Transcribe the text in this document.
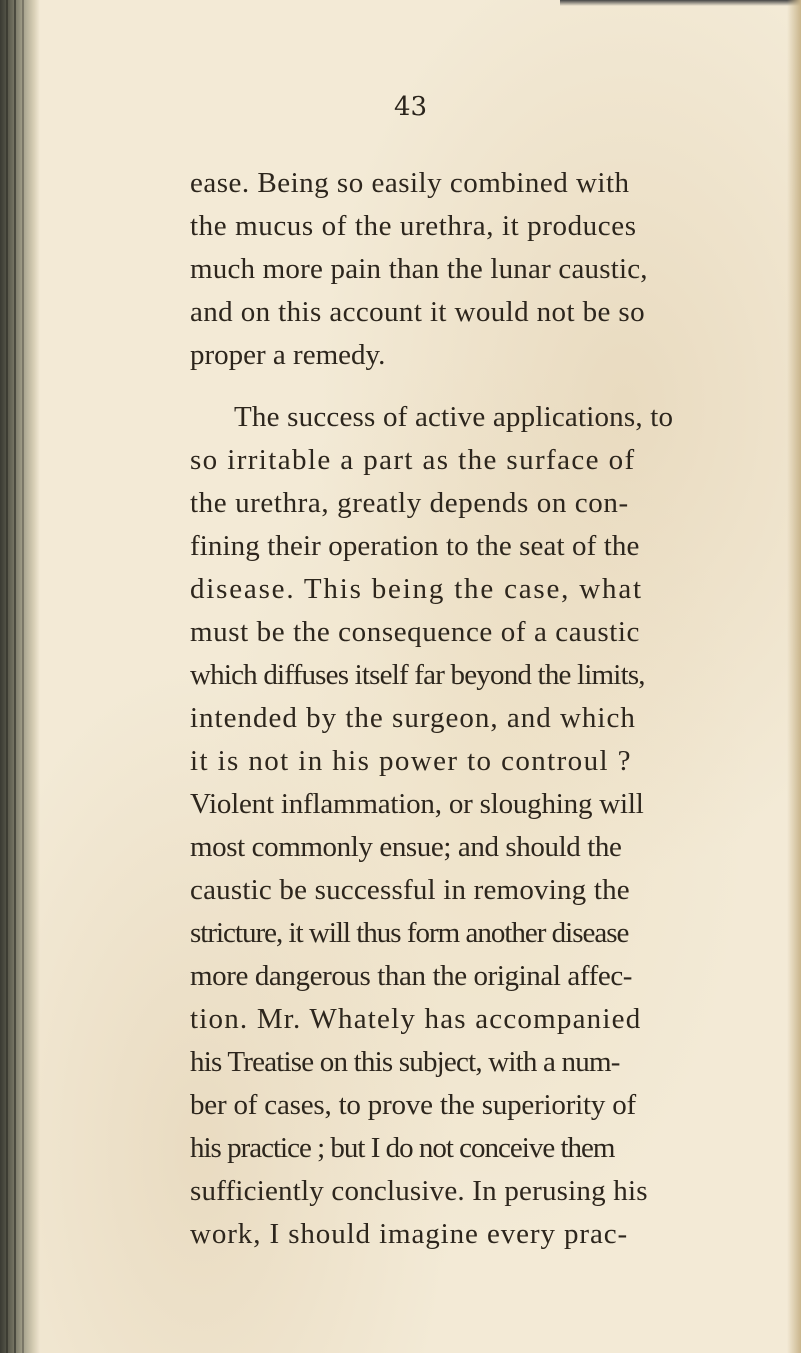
43

ease. Being so easily combined with
the mucus of the urethra, it produces
much more pain than the lunar caustic,
and on this account it would not be so
proper a remedy.
The success of active applications, to
so irritable a part as the surface of
the urethra, greatly depends on con-
fining their operation to the seat of the
disease. This being the case, what
must be the consequence of a caustic
which diffuses itself far beyond the limits,
intended by the surgeon, and which
it is not in his power to controul ?
Violent inflammation, or sloughing will
most commonly ensue; and should the
caustic be successful in removing the
stricture, it will thus form another disease
more dangerous than the original affec-
tion. Mr. Whately has accompanied
his Treatise on this subject, with a num-
ber of cases, to prove the superiority of
his practice ; but I do not conceive them
sufficiently conclusive. In perusing his
work, I should imagine every prac-
